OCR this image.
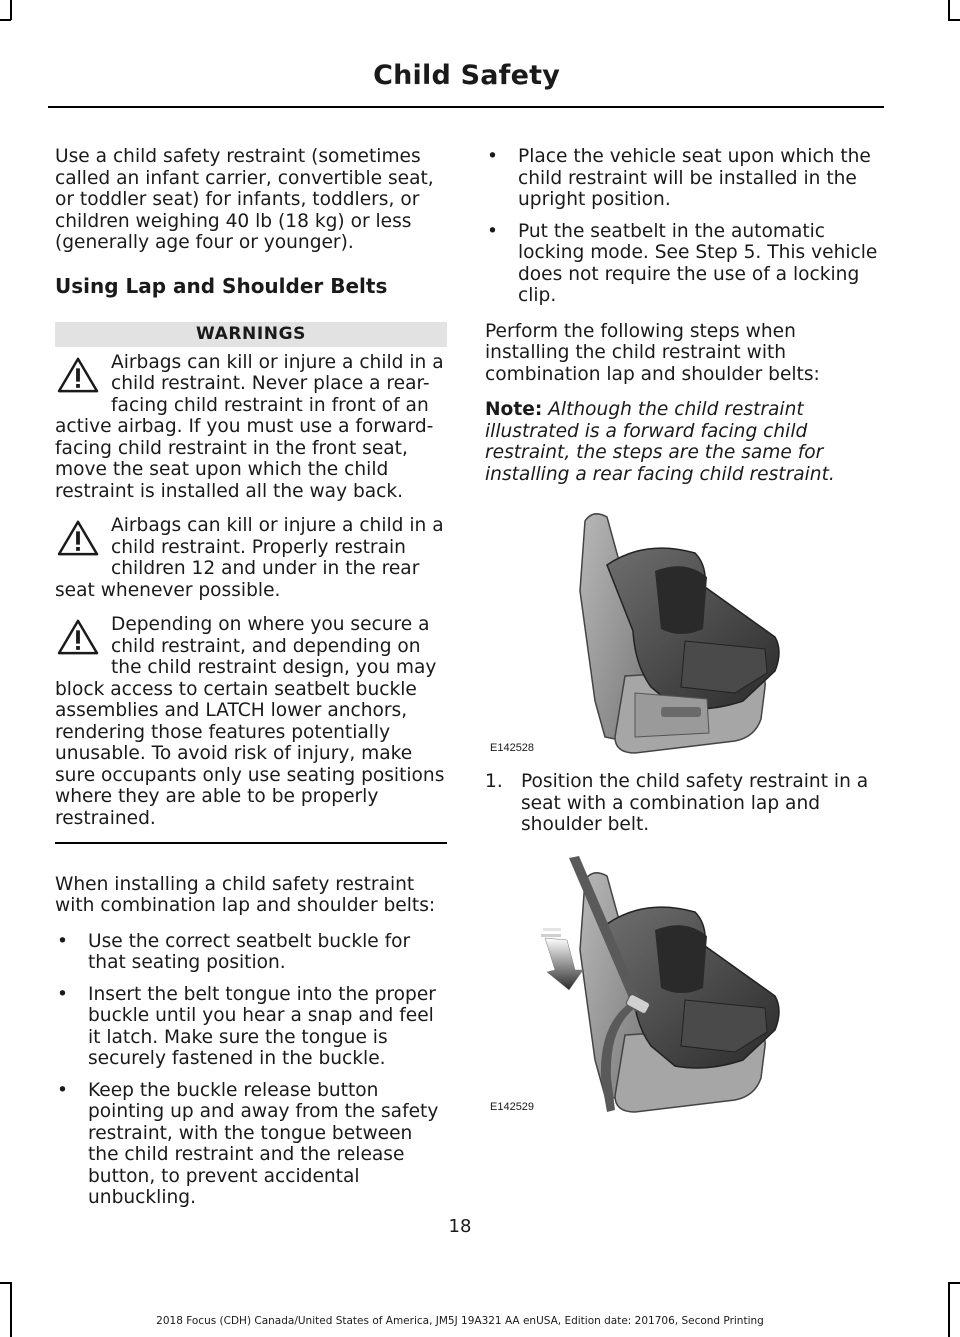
Child Safety

Use a child safety restraint (sometimes called an infant carrier, convertible seat, or toddler seat) for infants, toddlers, or children weighing 40 lb (18 kg) or less (generally age four or younger).

Using Lap and Shoulder Belts
WARNINGS
Airbags can kill or injure a child in a child restraint. Never place a rear-facing child restraint in front of an active airbag. If you must use a forward-facing child restraint in the front seat, move the seat upon which the child restraint is installed all the way back.
Airbags can kill or injure a child in a child restraint. Properly restrain children 12 and under in the rear seat whenever possible.
Depending on where you secure a child restraint, and depending on the child restraint design, you may block access to certain seatbelt buckle assemblies and LATCH lower anchors, rendering those features potentially unusable. To avoid risk of injury, make sure occupants only use seating positions where they are able to be properly restrained.

When installing a child safety restraint with combination lap and shoulder belts:

• Use the correct seatbelt buckle for that seating position.
• Insert the belt tongue into the proper buckle until you hear a snap and feel it latch. Make sure the tongue is securely fastened in the buckle.
• Keep the buckle release button pointing up and away from the safety restraint, with the tongue between the child restraint and the release button, to prevent accidental unbuckling.
• Place the vehicle seat upon which the child restraint will be installed in the upright position.
• Put the seatbelt in the automatic locking mode. See Step 5. This vehicle does not require the use of a locking clip.

Perform the following steps when installing the child restraint with combination lap and shoulder belts:

Note: Although the child restraint illustrated is a forward facing child restraint, the steps are the same for installing a rear facing child restraint.

E142528
1. Position the child safety restraint in a seat with a combination lap and shoulder belt.
E142529
18
2018 Focus (CDH) Canada/United States of America, JM5J 19A321 AA enUSA, Edition date: 201706, Second Printing
